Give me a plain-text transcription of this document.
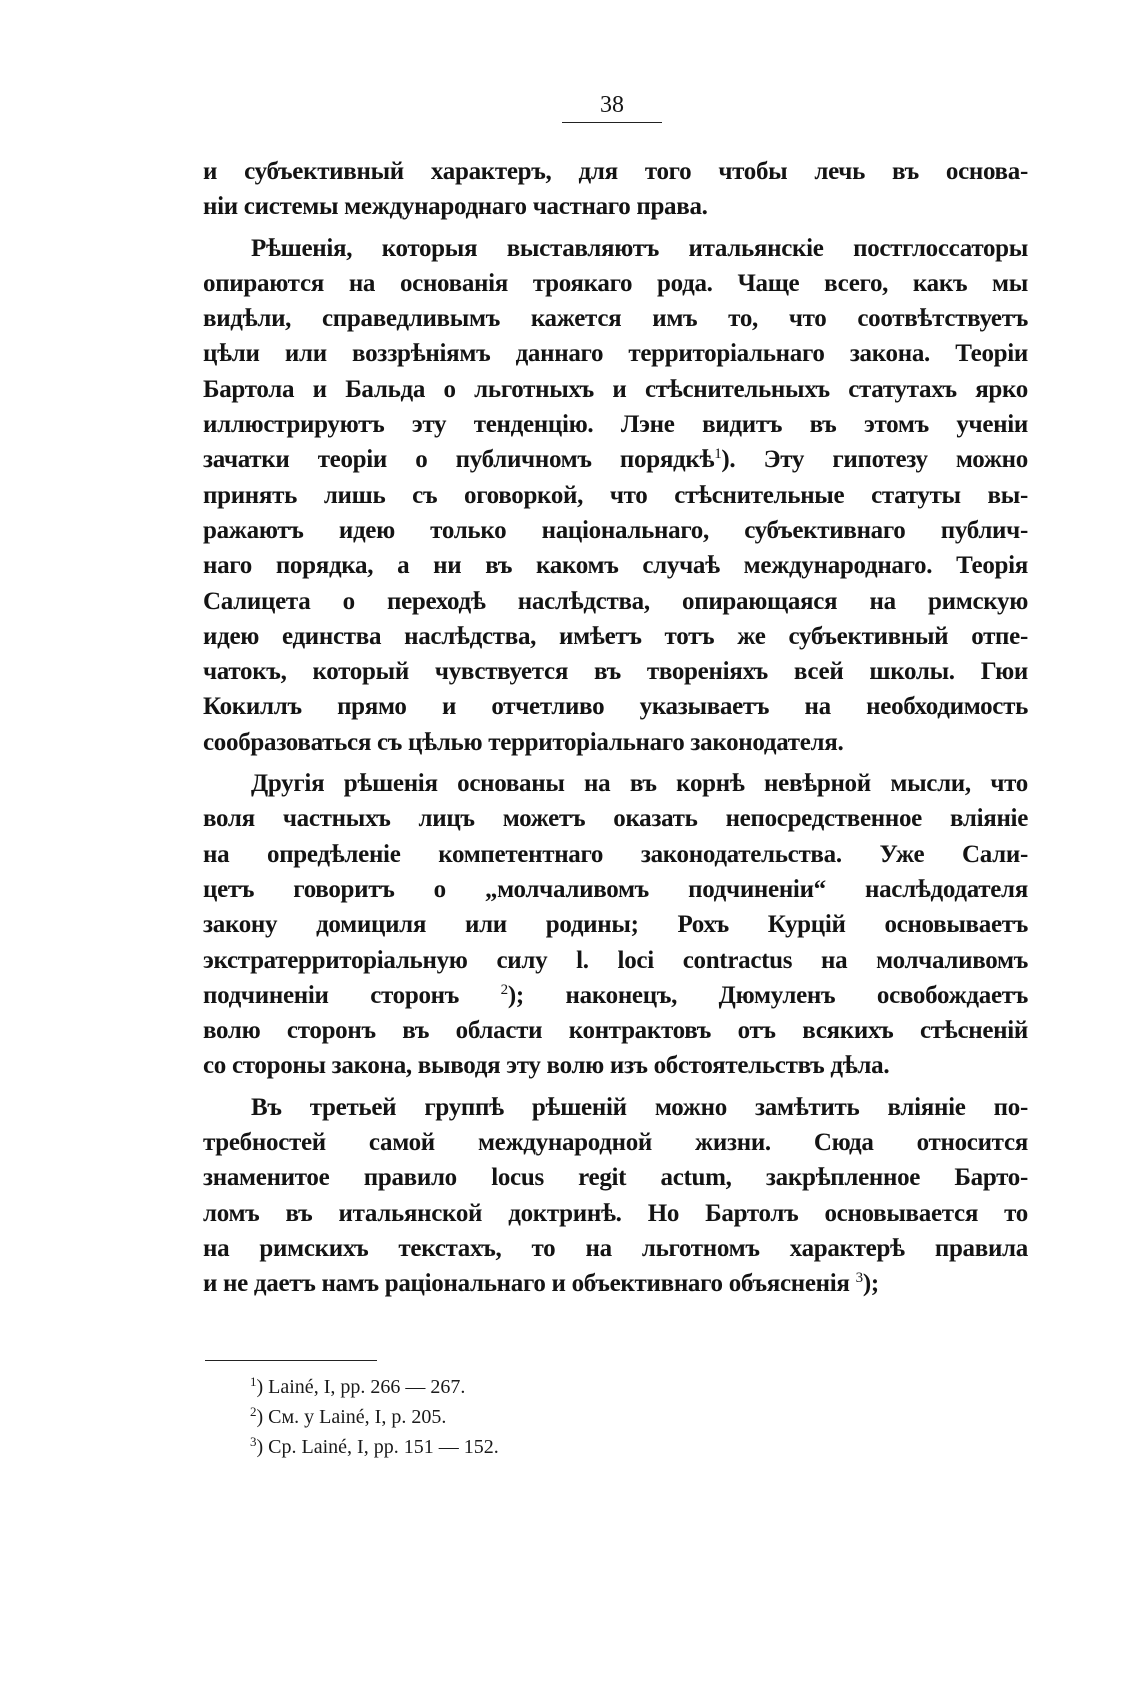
38
и субъективный характеръ, для того чтобы лечь въ основа-
ніи системы международнаго частнаго права.
Рѣшенія, которыя выставляютъ итальянскіе постглоссаторы
опираются на основанія троякаго рода. Чаще всего, какъ мы
видѣли, справедливымъ кажется имъ то, что соотвѣтствуетъ
цѣли или воззрѣніямъ даннаго территоріальнаго закона. Теоріи
Бартола и Бальда о льготныхъ и стѣснительныхъ статутахъ ярко
иллюстрируютъ эту тенденцію. Лэне видитъ въ этомъ ученіи
зачатки теоріи о публичномъ порядкѣ$^1$). Эту гипотезу можно
принять лишь съ оговоркой, что стѣснительные статуты вы-
ражаютъ идею только національнаго, субъективнаго публич-
наго порядка, а ни въ какомъ случаѣ международнаго. Теорія
Салицета о переходѣ наслѣдства, опирающаяся на римскую
идею единства наслѣдства, имѣетъ тотъ же субъективный отпе-
чатокъ, который чувствуется въ твореніяхъ всей школы. Гюи
Кокиллъ прямо и отчетливо указываетъ на необходимость
сообразоваться съ цѣлью территоріальнаго законодателя.
Другія рѣшенія основаны на въ корнѣ невѣрной мысли, что
воля частныхъ лицъ можетъ оказать непосредственное вліяніе
на опредѣленіе компетентнаго законодательства. Уже Сали-
цетъ говоритъ о „молчаливомъ подчиненіи“ наслѣдодателя
закону домициля или родины; Рохъ Курцій основываетъ
экстратерриторіальную силу l. loci contractus на молчаливомъ
подчиненіи сторонъ $^2$); наконецъ, Дюмуленъ освобождаетъ
волю сторонъ въ области контрактовъ отъ всякихъ стѣсненій
со стороны закона, выводя эту волю изъ обстоятельствъ дѣла.
Въ третьей группѣ рѣшеній можно замѣтить вліяніе по-
требностей самой международной жизни. Сюда относится
знаменитое правило locus regit actum, закрѣпленное Барто-
ломъ въ итальянской доктринѣ. Но Бартолъ основывается то
на римскихъ текстахъ, то на льготномъ характерѣ правила
и не даетъ намъ раціональнаго и объективнаго объясненія $^3$);
$^1$) Lainé, I, pp. 266 — 267.
$^2$) См. у Lainé, I, p. 205.
$^3$) Cp. Lainé, I, pp. 151 — 152.
